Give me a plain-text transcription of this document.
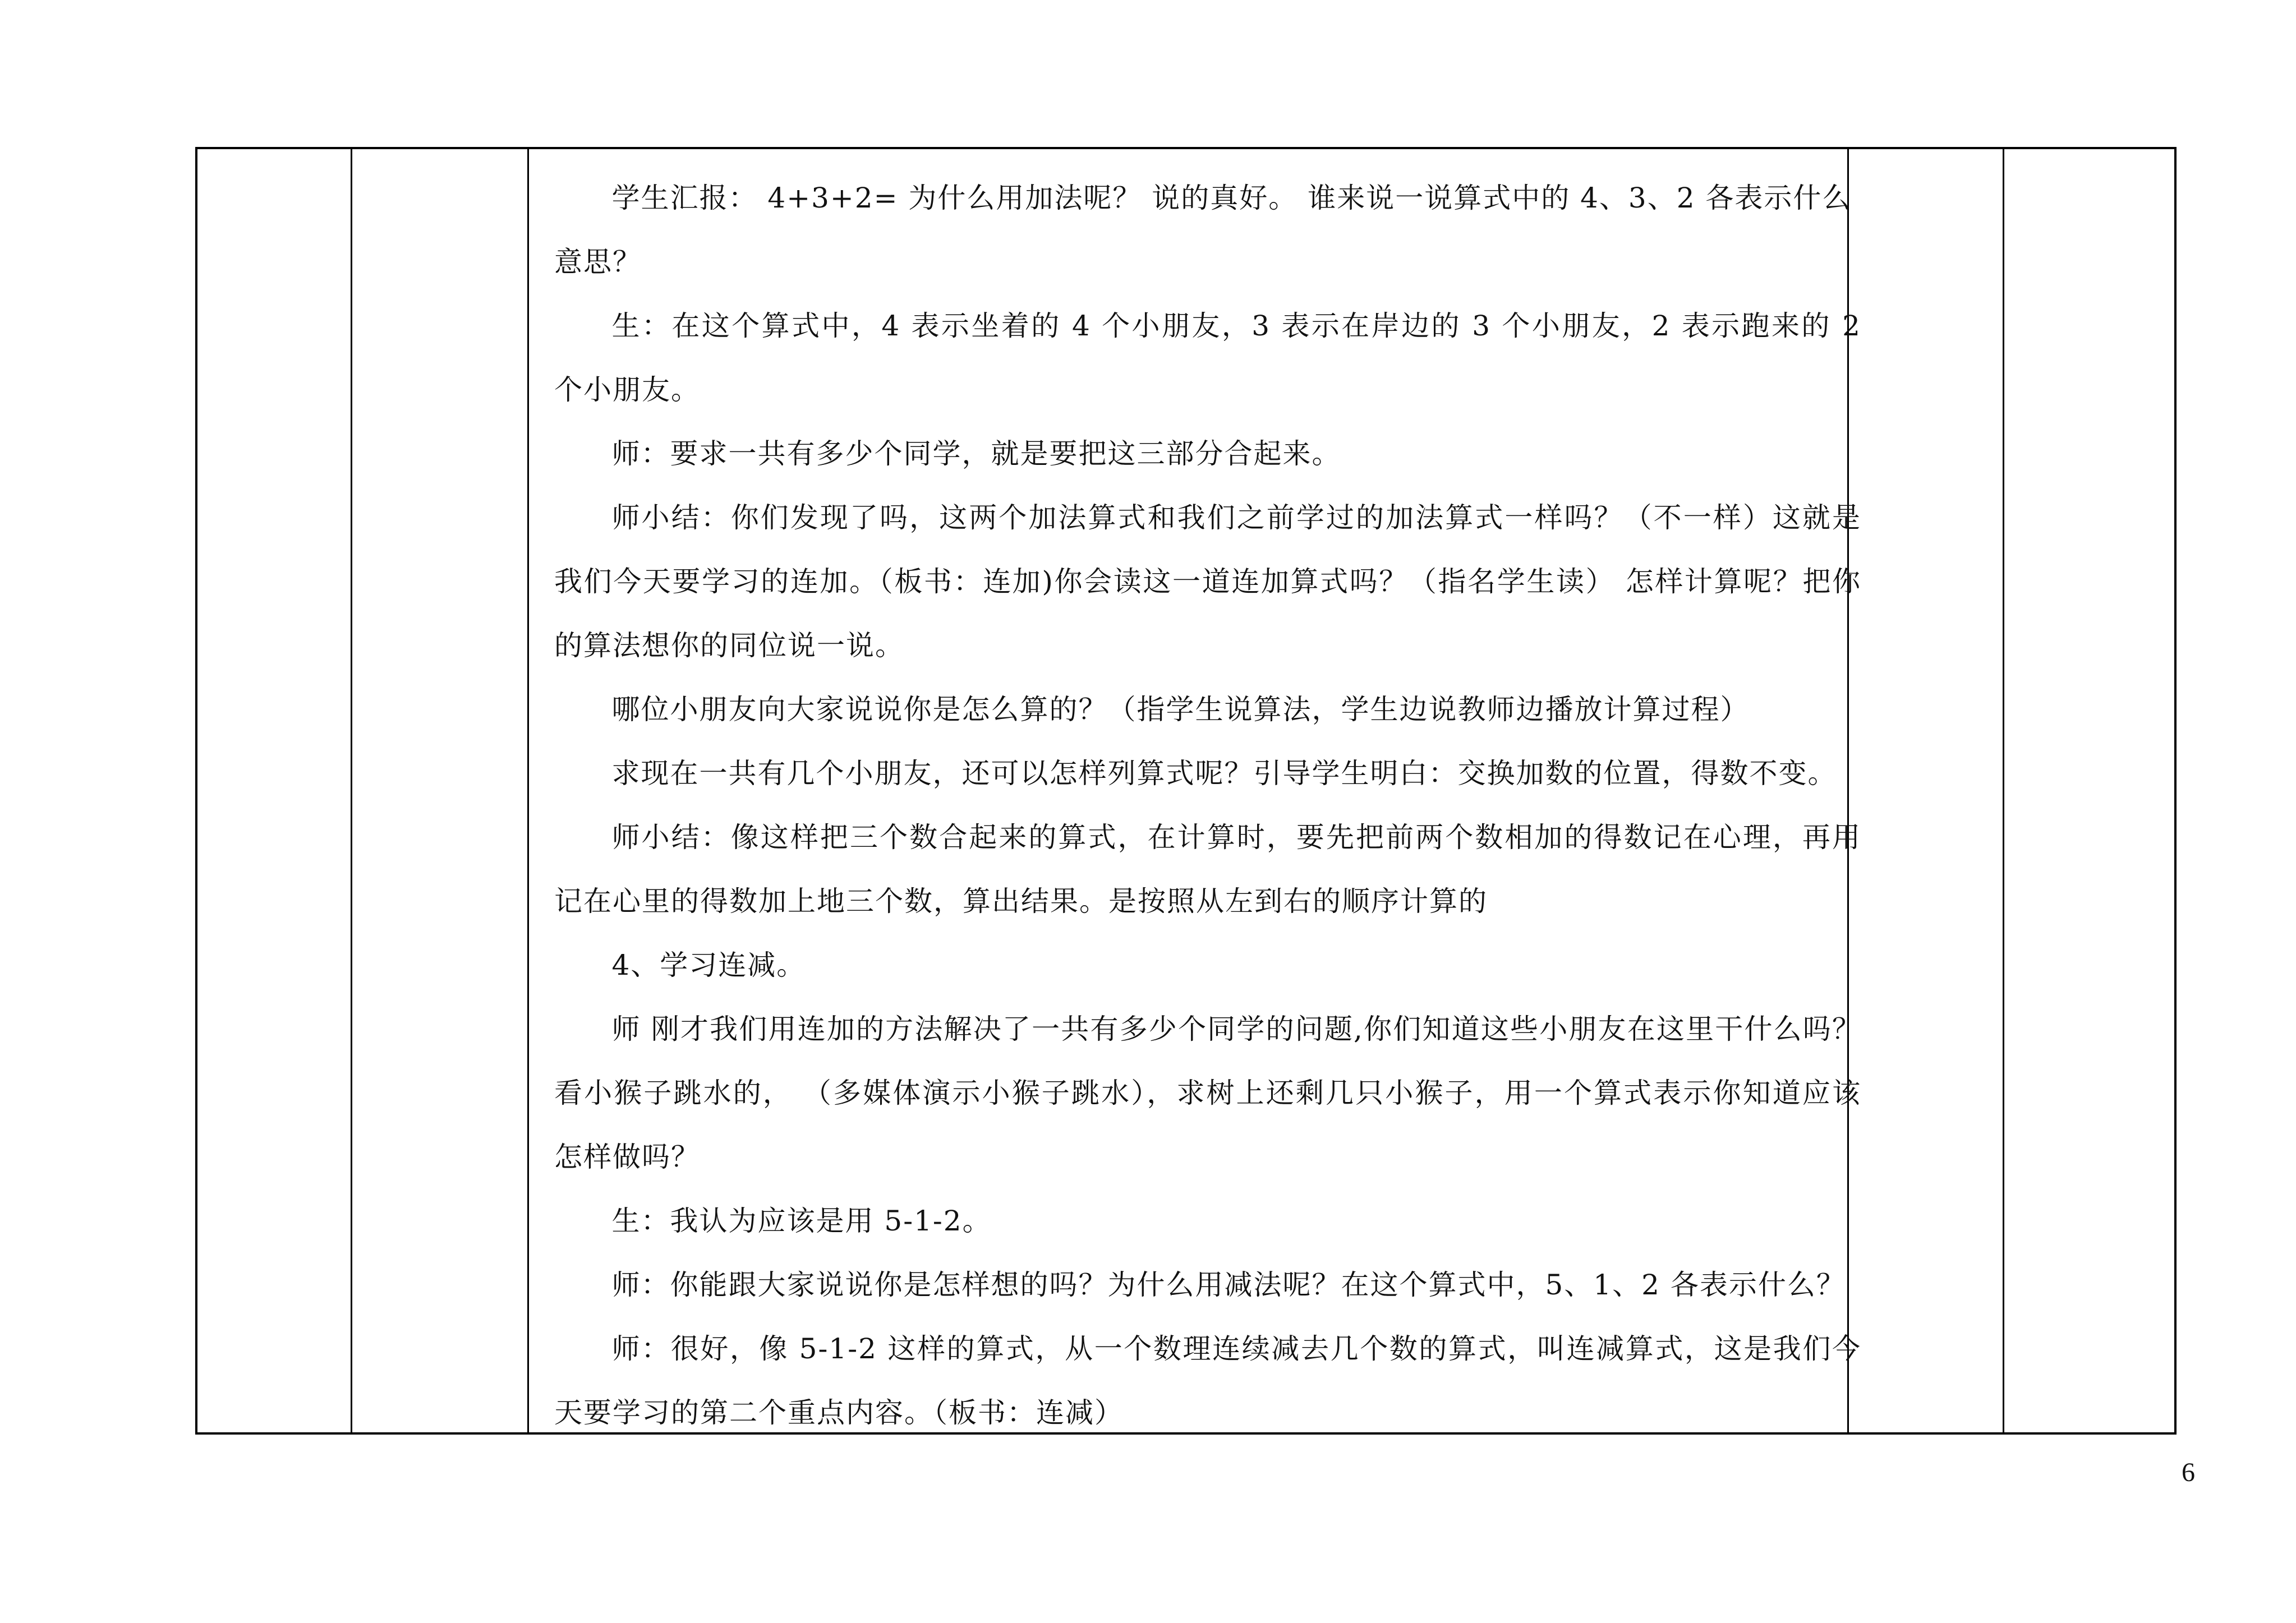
学生汇报： 4+3+2= 为什么用加法呢？ 说的真好。 谁来说一说算式中的 4、3、2 各表示什么意思？

生：在这个算式中，4 表示坐着的 4 个小朋友，3 表示在岸边的 3 个小朋友，2 表示跑来的 2 个小朋友。

师：要求一共有多少个同学，就是要把这三部分合起来。

师小结：你们发现了吗，这两个加法算式和我们之前学过的加法算式一样吗？（不一样）这就是我们今天要学习的连加。（板书：连加)你会读这一道连加算式吗？（指名学生读） 怎样计算呢？把你的算法想你的同位说一说。

哪位小朋友向大家说说你是怎么算的？（指学生说算法，学生边说教师边播放计算过程）

求现在一共有几个小朋友，还可以怎样列算式呢？引导学生明白：交换加数的位置，得数不变。

师小结：像这样把三个数合起来的算式，在计算时，要先把前两个数相加的得数记在心理，再用记在心里的得数加上地三个数，算出结果。是按照从左到右的顺序计算的

4、学习连减。

师 刚才我们用连加的方法解决了一共有多少个同学的问题,你们知道这些小朋友在这里干什么吗？看小猴子跳水的， （多媒体演示小猴子跳水），求树上还剩几只小猴子，用一个算式表示你知道应该怎样做吗？

生：我认为应该是用 5-1-2。

师：你能跟大家说说你是怎样想的吗？为什么用减法呢？在这个算式中，5、1、2 各表示什么？

师：很好，像 5-1-2 这样的算式，从一个数理连续减去几个数的算式，叫连减算式，这是我们今天要学习的第二个重点内容。（板书：连减）

6
